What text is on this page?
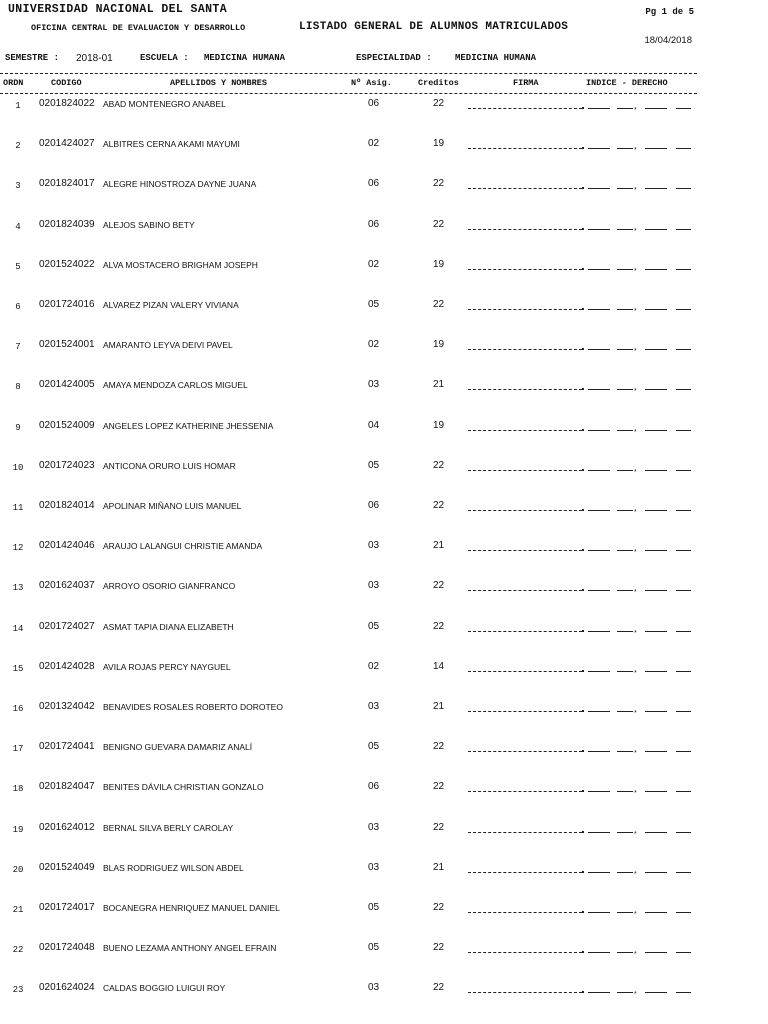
UNIVERSIDAD NACIONAL DEL SANTA
OFICINA CENTRAL DE EVALUACION Y DESARROLLO	LISTADO GENERAL DE ALUMNOS MATRICULADOS
Pg 1 de 5
18/04/2018
SEMESTRE : 2018-01	ESCUELA : MEDICINA HUMANA	ESPECIALIDAD :	MEDICINA HUMANA
ORDN	CODIGO	APELLIDOS Y NOMBRES	Nº Asig.	Creditos	FIRMA	INDICE - DERECHO
1	0201824022 ABAD MONTENEGRO ANABEL	06	22
*
2	0201424027 ALBITRES CERNA AKAMI MAYUMI	02	19
*
3	0201824017 ALEGRE HINOSTROZA DAYNE JUANA	06	22
*
4	0201824039 ALEJOS SABINO BETY	06	22
*
5	0201524022 ALVA MOSTACERO BRIGHAM JOSEPH	02	19
*
6	0201724016 ALVAREZ PIZAN VALERY VIVIANA	05	22
*
7	0201524001 AMARANTO LEYVA DEIVI PAVEL	02	19
*
8	0201424005 AMAYA MENDOZA CARLOS MIGUEL	03	21
*
9	0201524009 ANGELES LOPEZ KATHERINE JHESSENIA	04	19
*
10	0201724023 ANTICONA ORURO LUIS HOMAR	05	22
*
11	0201824014 APOLINAR MIÑANO LUIS MANUEL	06	22
*
12	0201424046 ARAUJO LALANGUI CHRISTIE AMANDA	03	21
*
13	0201624037 ARROYO OSORIO GIANFRANCO	03	22
*
14	0201724027 ASMAT TAPIA DIANA ELIZABETH	05	22
*
15	0201424028 AVILA ROJAS PERCY NAYGUEL	02	14
*
16	0201324042 BENAVIDES ROSALES ROBERTO DOROTEO	03	21
*
17	0201724041 BENIGNO GUEVARA DAMARIZ ANALÍ	05	22
*
18	0201824047 BENITES DÁVILA CHRISTIAN GONZALO	06	22
*
19	0201624012 BERNAL SILVA BERLY CAROLAY	03	22
*
20	0201524049 BLAS RODRIGUEZ WILSON ABDEL	03	21
*
21	0201724017 BOCANEGRA HENRIQUEZ MANUEL DANIEL	05	22
*
22	0201724048 BUENO LEZAMA ANTHONY ANGEL EFRAIN	05	22
*
23	0201624024 CALDAS BOGGIO LUIGUI ROY	03	22
*
